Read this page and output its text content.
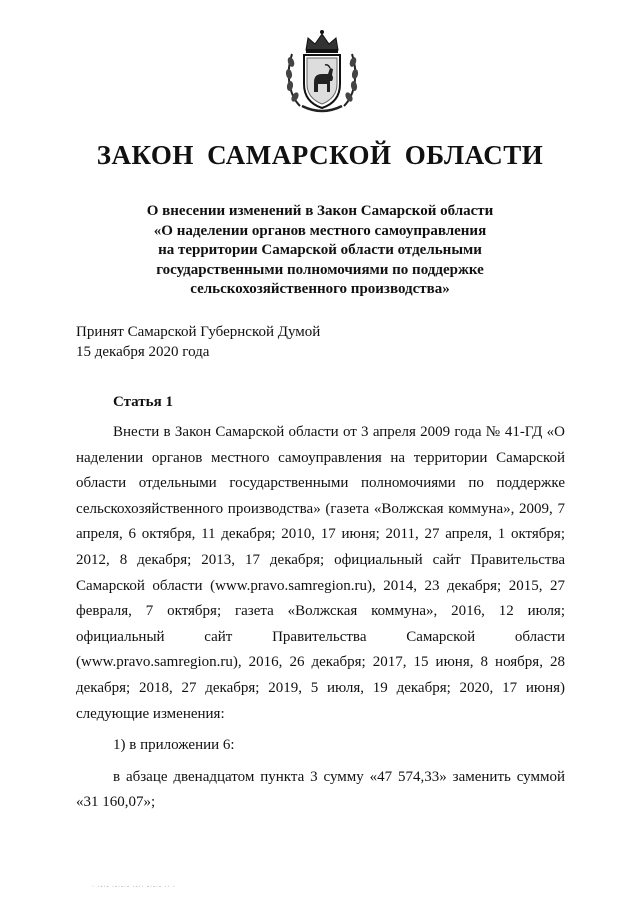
ЗАКОН САМАРСКОЙ ОБЛАСТИ
О внесении изменений в Закон Самарской области
«О наделении органов местного самоуправления
на территории Самарской области отдельными
государственными полномочиями по поддержке
сельскохозяйственного производства»
Принят Самарской Губернской Думой
15 декабря 2020 года
Статья 1

Внести в Закон Самарской области от 3 апреля 2009 года № 41-ГД «О наделении органов местного самоуправления на территории Самарской области отдельными государственными полномочиями по поддержке сельскохозяйственного производства» (газета «Волжская коммуна», 2009, 7 апреля, 6 октября, 11 декабря; 2010, 17 июня; 2011, 27 апреля, 1 октября; 2012, 8 декабря; 2013, 17 декабря; официальный сайт Правительства Самарской области (www.pravo.samregion.ru), 2014, 23 декабря; 2015, 27 февраля, 7 октября; газета «Волжская коммуна», 2016, 12 июля; официальный сайт Правительства Самарской области (www.pravo.samregion.ru), 2016, 26 декабря; 2017, 15 июня, 8 ноября, 28 декабря; 2018, 27 декабря; 2019, 5 июля, 19 декабря; 2020, 17 июня) следующие изменения:

1) в приложении 6:

в абзаце двенадцатом пункта 3 сумму «47 574,33» заменить суммой «31 160,07»;

· ·-·- ·-·-·- ·-·· -·-·- ·· ·
